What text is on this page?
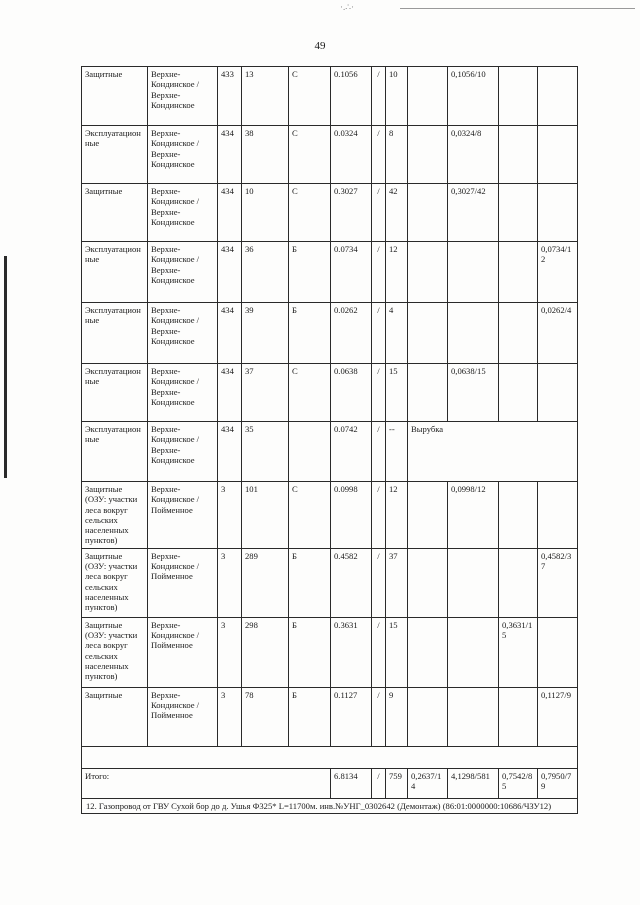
·.∴·
49
Защитные	Верхне-Кондинское / Верхне-Кондинское	433	13	С	0.1056	/	10		0,1056/10		
Эксплуатационные	Верхне-Кондинское / Верхне-Кондинское	434	38	С	0.0324	/	8		0,0324/8		
Защитные	Верхне-Кондинское / Верхне-Кондинское	434	10	С	0.3027	/	42		0,3027/42		
Эксплуатационные	Верхне-Кондинское / Верхне-Кондинское	434	36	Б	0.0734	/	12				0,0734/12
Эксплуатационные	Верхне-Кондинское / Верхне-Кондинское	434	39	Б	0.0262	/	4				0,0262/4
Эксплуатационные	Верхне-Кондинское / Верхне-Кондинское	434	37	С	0.0638	/	15		0,0638/15		
Эксплуатационные	Верхне-Кондинское / Верхне-Кондинское	434	35		0.0742	/	--	Вырубка			
Защитные (ОЗУ: участки леса вокруг сельских населенных пунктов)	Верхне-Кондинское / Пойменное	3	101	С	0.0998	/	12		0,0998/12		
Защитные (ОЗУ: участки леса вокруг сельских населенных пунктов)	Верхне-Кондинское / Пойменное	3	289	Б	0.4582	/	37				0,4582/37
Защитные (ОЗУ: участки леса вокруг сельских населенных пунктов)	Верхне-Кондинское / Пойменное	3	298	Б	0.3631	/	15			0,3631/15	
Защитные	Верхне-Кондинское / Пойменное	3	78	Б	0.1127	/	9				0,1127/9

Итого:					6.8134	/	759	0,2637/14	4,1298/581	0,7542/85	0,7950/79
12. Газопровод от ГВУ Сухой бор до д. Ушья Ф325* L=11700м. инв.№УНГ_0302642 (Демонтаж) (86:01:0000000:10686/ЧЗУ12)											
